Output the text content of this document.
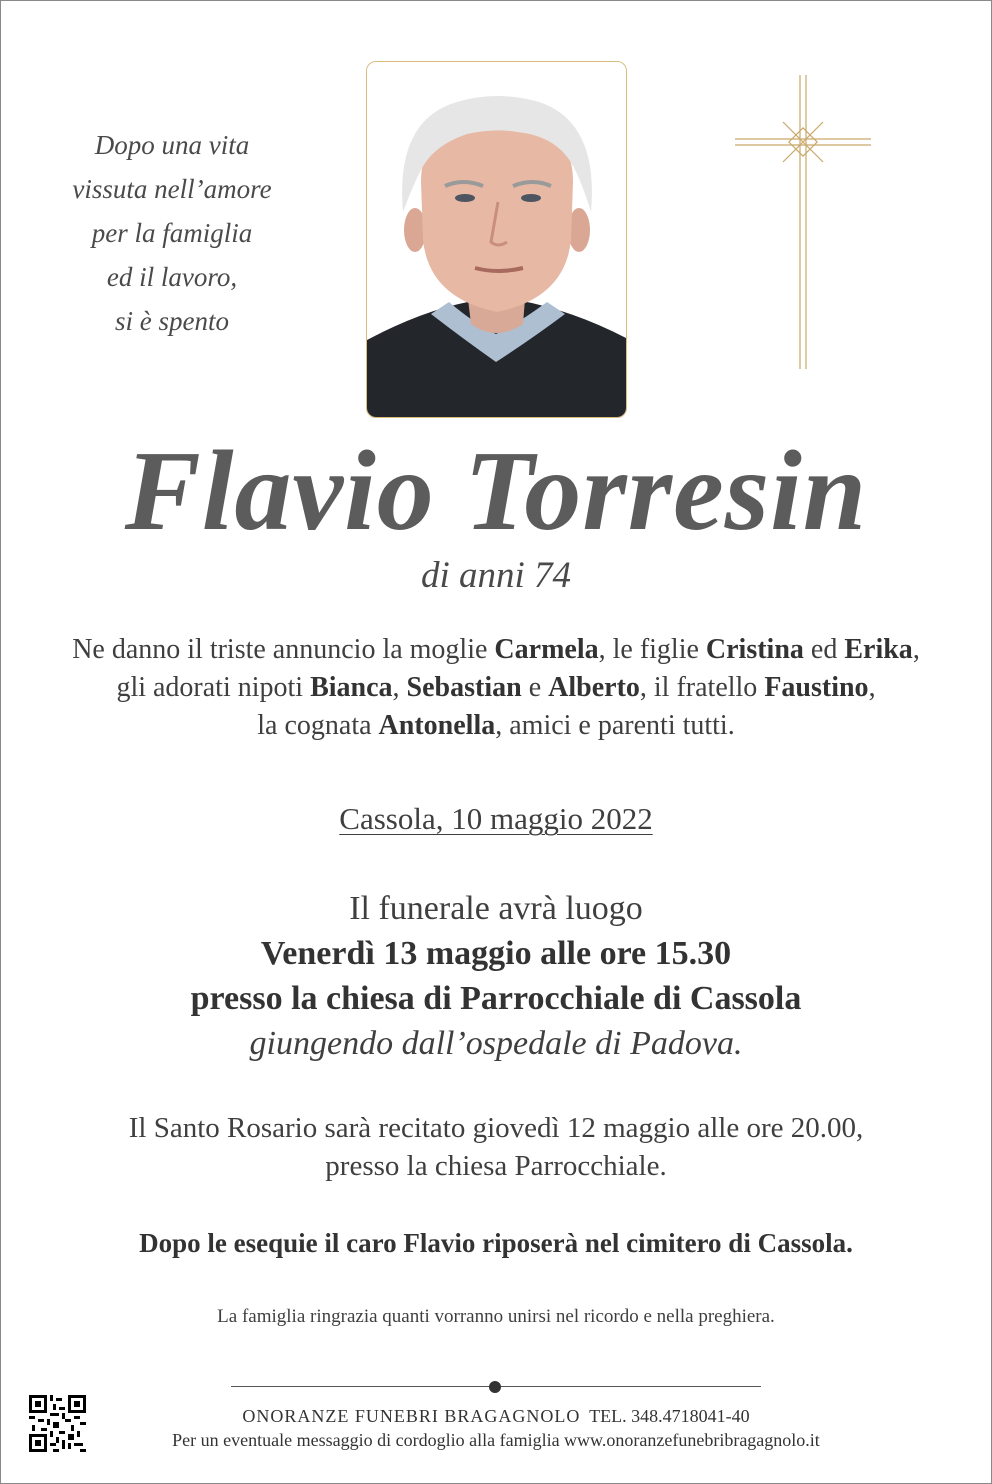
Dopo una vita
vissuta nell’amore
per la famiglia
ed il lavoro,
si è spento
Flavio Torresin
di anni 74
Ne danno il triste annuncio la moglie Carmela, le figlie Cristina ed Erika,
gli adorati nipoti Bianca, Sebastian e Alberto, il fratello Faustino,
la cognata Antonella, amici e parenti tutti.
Cassola, 10 maggio 2022
Il funerale avrà luogo
Venerdì 13 maggio alle ore 15.30
presso la chiesa di Parrocchiale di Cassola
giungendo dall’ospedale di Padova.
Il Santo Rosario sarà recitato giovedì 12 maggio alle ore 20.00,
presso la chiesa Parrocchiale.
Dopo le esequie il caro Flavio riposerà nel cimitero di Cassola.
La famiglia ringrazia quanti vorranno unirsi nel ricordo e nella preghiera.
ONORANZE FUNEBRI BRAGAGNOLO TEL. 348.4718041-40
Per un eventuale messaggio di cordoglio alla famiglia www.onoranzefunebribragagnolo.it
